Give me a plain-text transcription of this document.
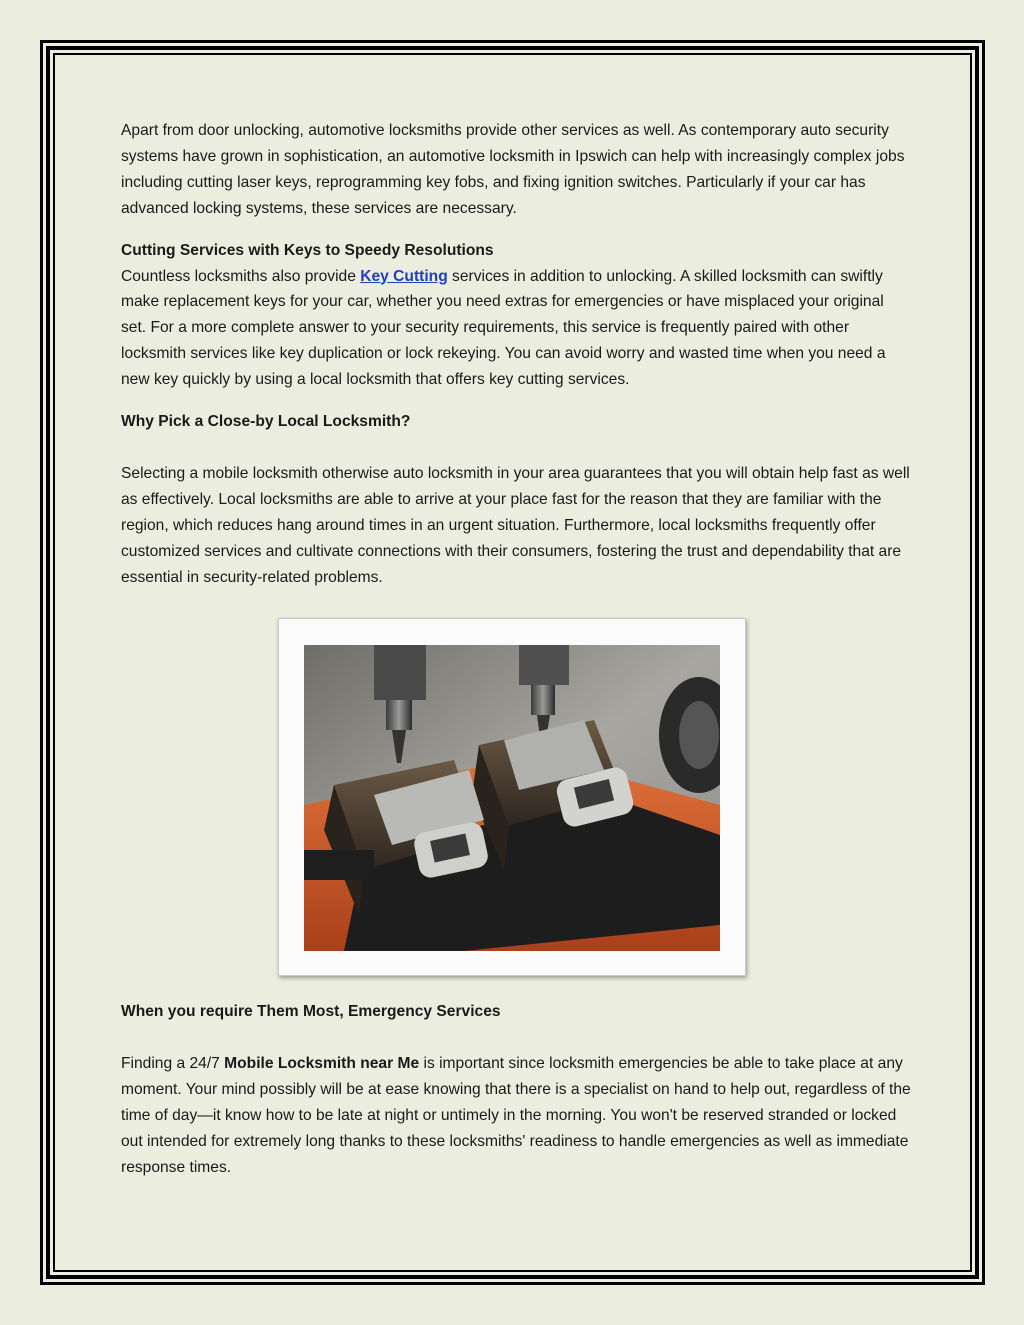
Apart from door unlocking, automotive locksmiths provide other services as well. As contemporary auto security systems have grown in sophistication, an automotive locksmith in Ipswich can help with increasingly complex jobs including cutting laser keys, reprogramming key fobs, and fixing ignition switches. Particularly if your car has advanced locking systems, these services are necessary.

Cutting Services with Keys to Speedy Resolutions

Countless locksmiths also provide Key Cutting services in addition to unlocking. A skilled locksmith can swiftly make replacement keys for your car, whether you need extras for emergencies or have misplaced your original set. For a more complete answer to your security requirements, this service is frequently paired with other locksmith services like key duplication or lock rekeying. You can avoid worry and wasted time when you need a new key quickly by using a local locksmith that offers key cutting services.

Why Pick a Close-by Local Locksmith?

Selecting a mobile locksmith otherwise auto locksmith in your area guarantees that you will obtain help fast as well as effectively. Local locksmiths are able to arrive at your place fast for the reason that they are familiar with the region, which reduces hang around times in an urgent situation. Furthermore, local locksmiths frequently offer customized services and cultivate connections with their consumers, fostering the trust and dependability that are essential in security-related problems.

When you require Them Most, Emergency Services

Finding a 24/7 Mobile Locksmith near Me is important since locksmith emergencies be able to take place at any moment. Your mind possibly will be at ease knowing that there is a specialist on hand to help out, regardless of the time of day—it know how to be late at night or untimely in the morning. You won't be reserved stranded or locked out intended for extremely long thanks to these locksmiths' readiness to handle emergencies as well as immediate response times.
